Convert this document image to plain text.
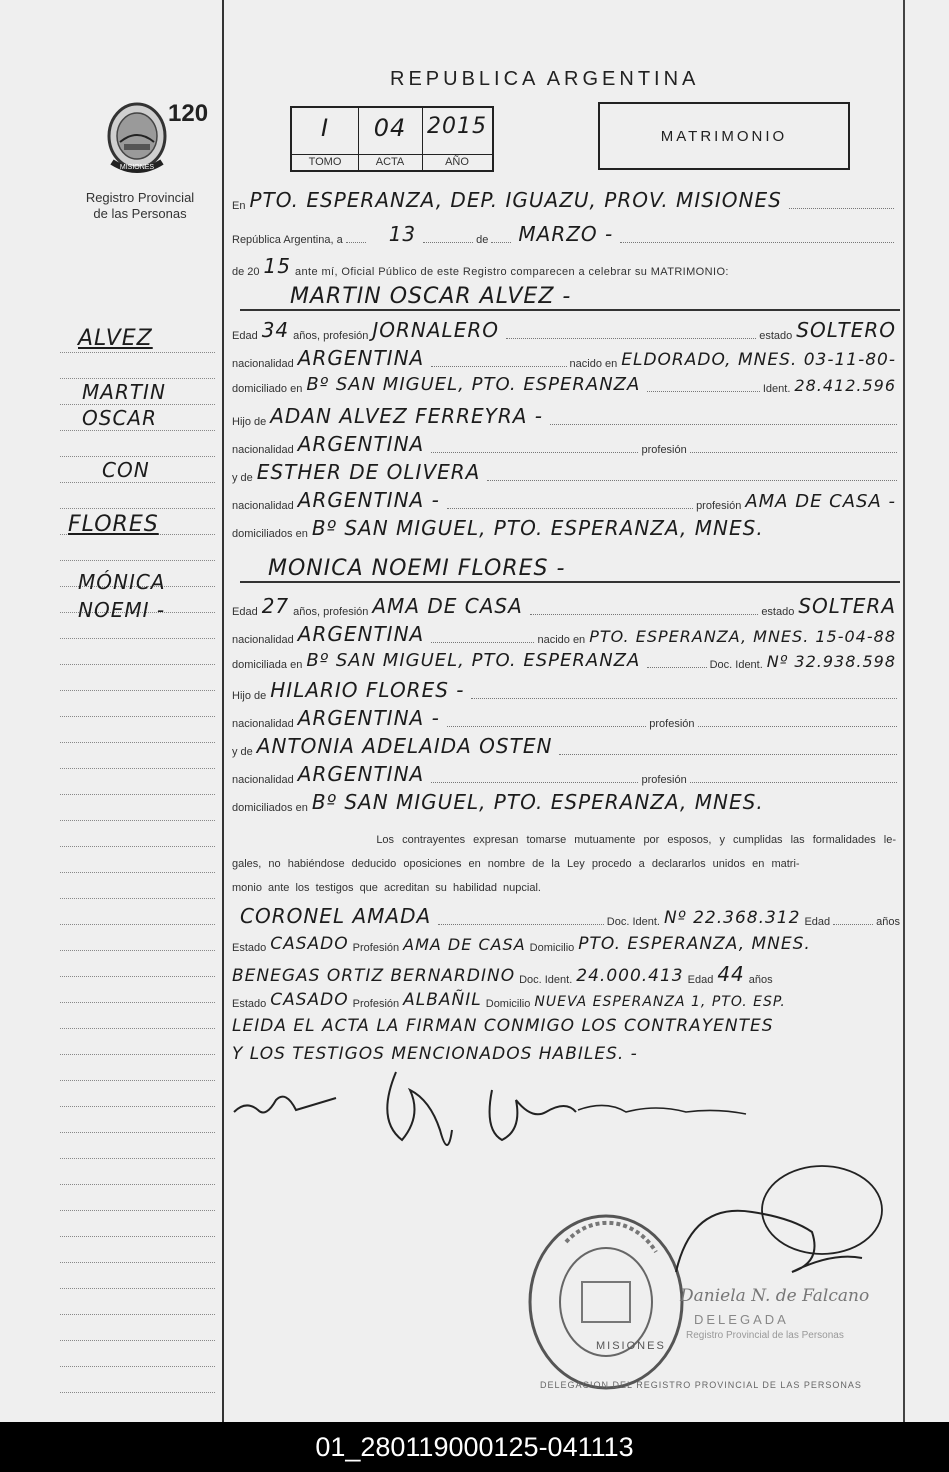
MISIONES
120
Registro Provincial
de las Personas
ALVEZ
MARTIN
OSCAR
CON
FLORES
MÓNICA
NOEMI -
REPUBLICA ARGENTINA
I	04 2015
TOMO	ACTA	AÑO
MATRIMONIO
En PTO. ESPERANZA, DEP. IGUAZU, PROV. MISIONES
República Argentina, a 13	de MARZO -
de 20 15 ante mí, Oficial Público de este Registro comparecen a celebrar su MATRIMONIO:
MARTIN OSCAR ALVEZ -
Edad 34 años, profesión JORNALERO	estado SOLTERO
nacionalidad ARGENTINA	nacido en ELDORADO, MNES. 03-11-80-
domiciliado en Bº SAN MIGUEL, PTO. ESPERANZA	Ident. 28.412.596
Hijo de ADAN ALVEZ FERREYRA -
nacionalidad ARGENTINA	profesión
y de ESTHER DE OLIVERA
nacionalidad ARGENTINA -	profesión AMA DE CASA -
domiciliados en Bº SAN MIGUEL, PTO. ESPERANZA, MNES.
MONICA NOEMI FLORES -
Edad 27 años, profesión AMA DE CASA	estado SOLTERA
nacionalidad ARGENTINA	nacido en PTO. ESPERANZA, MNES. 15-04-88
domiciliada en Bº SAN MIGUEL, PTO. ESPERANZA	Doc. Ident. Nº 32.938.598
Hijo de HILARIO FLORES -
nacionalidad ARGENTINA -	profesión
y de ANTONIA ADELAIDA OSTEN
nacionalidad ARGENTINA	profesión
domiciliados en Bº SAN MIGUEL, PTO. ESPERANZA, MNES.
Los contrayentes expresan tomarse mutuamente por esposos, y cumplidas las formalidades le-
gales, no habiéndose deducido oposiciones en nombre de la Ley procedo a declararlos unidos en matri-
monio ante los testigos que acreditan su habilidad nupcial.
CORONEL AMADA	Doc. Ident. Nº 22.368.312 Edad	años
Estado CASADO Profesión AMA DE CASA Domicilio PTO. ESPERANZA, MNES.
BENEGAS ORTIZ BERNARDINO Doc. Ident. 24.000.413 Edad 44 años
Estado CASADO Profesión ALBAÑIL Domicilio NUEVA ESPERANZA 1, PTO. ESP.
LEIDA EL ACTA LA FIRMAN CONMIGO LOS CONTRAYENTES
Y LOS TESTIGOS MENCIONADOS HABILES. -
DELEGACION DEL REGISTRO PROVINCIAL DE LAS PERSONAS
MISIONES
Daniela N. de Falcano
DELEGADA
Registro Provincial de las Personas
01_280119000125-041113
